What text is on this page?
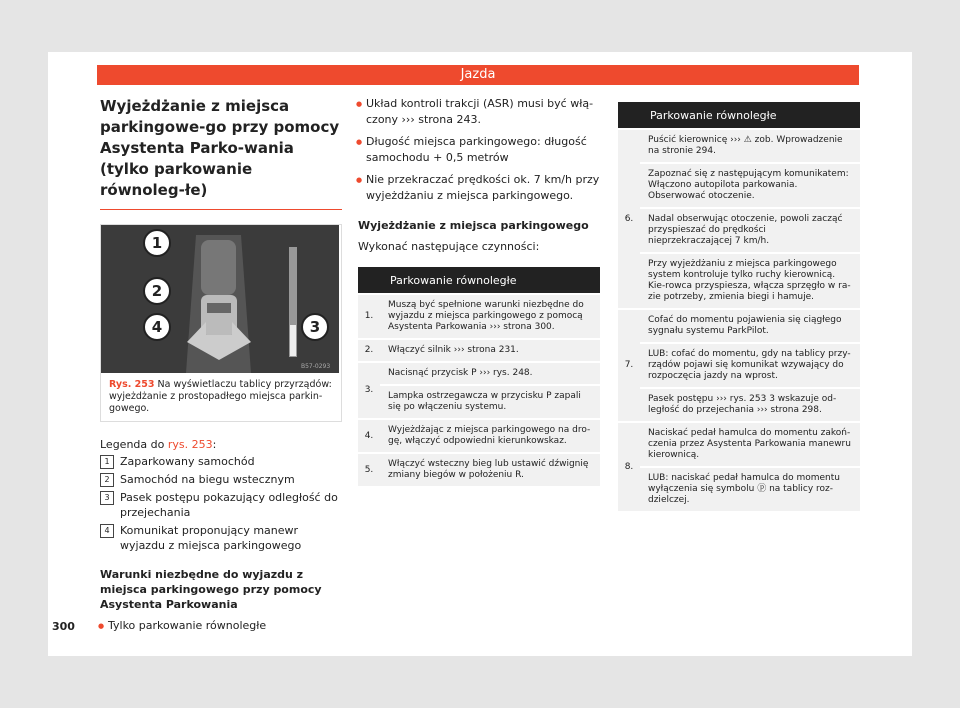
Jazda
Wyjeżdżanie z miejsca parkingowe-go przy pomocy Asystenta Parko-wania (tylko parkowanie równoleg-łe)
B57-0293
1
2
3
4
Rys. 253 Na wyświetlaczu tablicy przyrządów: wyjeżdżanie z prostopadłego miejsca parkin-gowego.
Legenda do rys. 253:
1 Zaparkowany samochód
2 Samochód na biegu wstecznym
3 Pasek postępu pokazujący odległość do przejechania
4 Komunikat proponujący manewr wyjazdu z miejsca parkingowego
Warunki niezbędne do wyjazdu z miejsca parkingowego przy pomocy Asystenta Parkowania
● Tylko parkowanie równoległe
● Układ kontroli trakcji (ASR) musi być włą-czony ››› strona 243.
● Długość miejsca parkingowego: długość samochodu + 0,5 metrów
● Nie przekraczać prędkości ok. 7 km/h przy wyjeżdżaniu z miejsca parkingowego.
Wyjeżdżanie z miejsca parkingowego
Wykonać następujące czynności:
	Parkowanie równoległe
1.	Muszą być spełnione warunki niezbędne do wyjazdu z miejsca parkingowego z pomocą Asystenta Parkowania ››› strona 300.
2.	Włączyć silnik ››› strona 231.
3.	Nacisnąć przycisk P ››› rys. 248.
	Lampka ostrzegawcza w przycisku P zapali się po włączeniu systemu.
4.	Wyjeżdżając z miejsca parkingowego na dro-gę, włączyć odpowiedni kierunkowskaz.
5.	Włączyć wsteczny bieg lub ustawić dźwignię zmiany biegów w położeniu R.
	Parkowanie równoległe
6.	Puścić kierownicę ››› ⚠ zob. Wprowadzenie na stronie 294.
	Zapoznać się z następującym komunikatem: Włączono autopilota parkowania. Obserwować otoczenie.
	Nadal obserwując otoczenie, powoli zacząć przyspieszać do prędkości nieprzekraczającej 7 km/h.
	Przy wyjeżdżaniu z miejsca parkingowego system kontroluje tylko ruchy kierownicą. Kie-rowca przyspiesza, włącza sprzęgło w ra-zie potrzeby, zmienia biegi i hamuje.
7.	Cofać do momentu pojawienia się ciągłego sygnału systemu ParkPilot.
	LUB: cofać do momentu, gdy na tablicy przy-rządów pojawi się komunikat wzywający do rozpoczęcia jazdy na wprost.
	Pasek postępu ››› rys. 253 3 wskazuje od-ległość do przejechania ››› strona 298.
8.	Naciskać pedał hamulca do momentu zakoń-czenia przez Asystenta Parkowania manewru kierownicą.
	LUB: naciskać pedał hamulca do momentu wyłączenia się symbolu ⓟ na tablicy roz-dzielczej.
300
